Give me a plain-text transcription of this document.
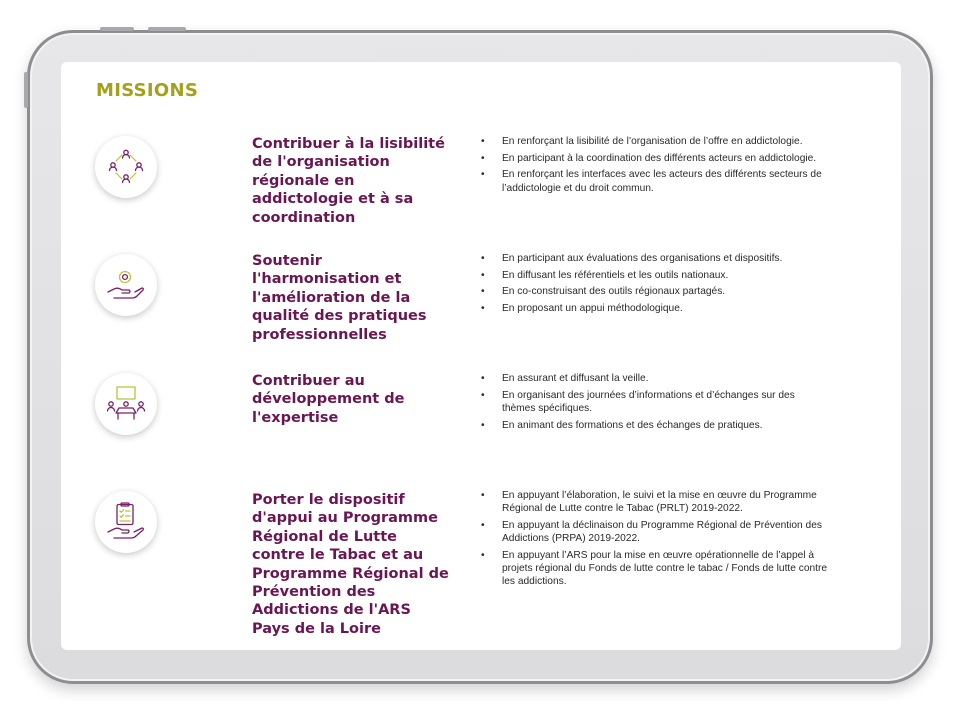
MISSIONS
Contribuer à la lisibilité de l'organisation régionale en addictologie et à sa coordination
• En renforçant la lisibilité de l’organisation de l’offre en addictologie.
• En participant à la coordination des différents acteurs en addictologie.
• En renforçant les interfaces avec les acteurs des différents secteurs de l’addictologie et du droit commun.
Soutenir l'harmonisation et l'amélioration de la qualité des pratiques professionnelles
• En participant aux évaluations des organisations et dispositifs.
• En diffusant les référentiels et les outils nationaux.
• En co-construisant des outils régionaux partagés.
• En proposant un appui méthodologique.
Contribuer au développement de l'expertise
• En assurant et diffusant la veille.
• En organisant des journées d’informations et d’échanges sur des thèmes spécifiques.
• En animant des formations et des échanges de pratiques.
Porter le dispositif d'appui au Programme Régional de Lutte contre le Tabac et au Programme Régional de Prévention des Addictions de l'ARS Pays de la Loire
• En appuyant l’élaboration, le suivi et la mise en œuvre du Programme Régional de Lutte contre le Tabac (PRLT) 2019-2022.
• En appuyant la déclinaison du Programme Régional de Prévention des Addictions (PRPA) 2019-2022.
• En appuyant l’ARS pour la mise en œuvre opérationnelle de l’appel à projets régional du Fonds de lutte contre le tabac / Fonds de lutte contre les addictions.
